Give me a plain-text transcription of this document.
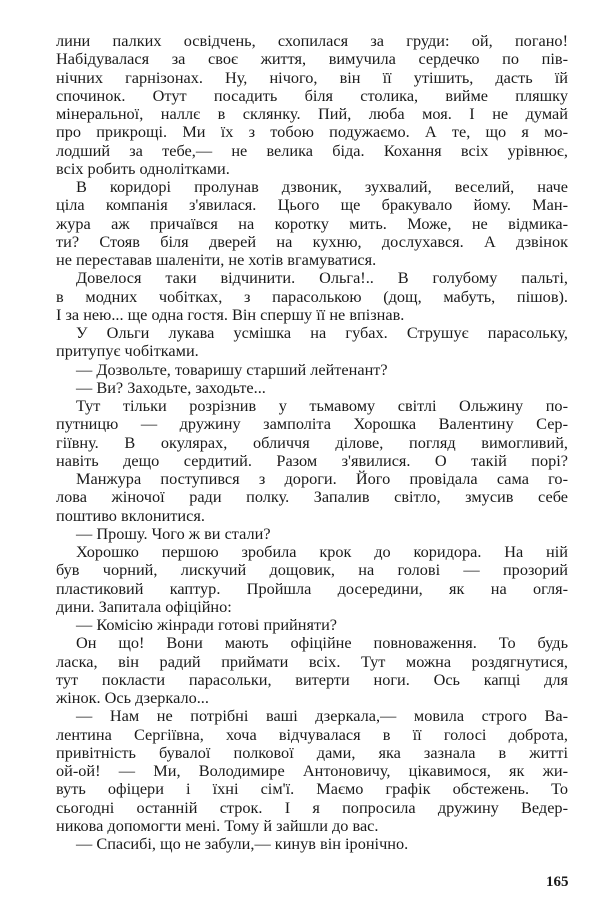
лини палких освідчень, схопилася за груди: ой, погано!
Набідувалася за своє життя, вимучила сердечко по пів-
нічних гарнізонах. Ну, нічого, він її утішить, дасть їй
спочинок. Отут посадить біля столика, вийме пляшку
мінеральної, наллє в склянку. Пий, люба моя. І не думай
про прикрощі. Ми їх з тобою подужаємо. А те, що я мо-
лодший за тебе,— не велика біда. Кохання всіх урівнює,
всіх робить однолітками.
В коридорі пролунав дзвоник, зухвалий, веселий, наче
ціла компанія з'явилася. Цього ще бракувало йому. Ман-
жура аж причаївся на коротку мить. Може, не відмика-
ти? Стояв біля дверей на кухню, дослухався. А дзвінок
не переставав шаленіти, не хотів вгамуватися.
Довелося таки відчинити. Ольга!.. В голубому пальті,
в модних чобітках, з парасолькою (дощ, мабуть, пішов).
І за нею... ще одна гостя. Він спершу її не впізнав.
У Ольги лукава усмішка на губах. Струшує парасольку,
притупує чобітками.
— Дозвольте, товаришу старший лейтенант?
— Ви? Заходьте, заходьте...
Тут тільки розрізнив у тьмавому світлі Ольжину по-
путницю — дружину замполіта Хорошка Валентину Сер-
гіївну. В окулярах, обличчя ділове, погляд вимогливий,
навіть дещо сердитий. Разом з'явилися. О такій порі?
Манжура поступився з дороги. Його провідала сама го-
лова жіночої ради полку. Запалив світло, змусив себе
поштиво вклонитися.
— Прошу. Чого ж ви стали?
Хорошко першою зробила крок до коридора. На ній
був чорний, лискучий дощовик, на голові — прозорий
пластиковий каптур. Пройшла досередини, як на огля-
дини. Запитала офіційно:
— Комісію жінради готові прийняти?
Он що! Вони мають офіційне повноваження. То будь
ласка, він радий приймати всіх. Тут можна роздягнутися,
тут покласти парасольки, витерти ноги. Ось капці для
жінок. Ось дзеркало...
— Нам не потрібні ваші дзеркала,— мовила строго Ва-
лентина Сергіївна, хоча відчувалася в її голосі доброта,
привітність бувалої полкової дами, яка зазнала в житті
ой-ой! — Ми, Володимире Антоновичу, цікавимося, як жи-
вуть офіцери і їхні сім'ї. Маємо графік обстежень. То
сьогодні останній строк. І я попросила дружину Ведер-
никова допомогти мені. Тому й зайшли до вас.
— Спасибі, що не забули,— кинув він іронічно.
165
